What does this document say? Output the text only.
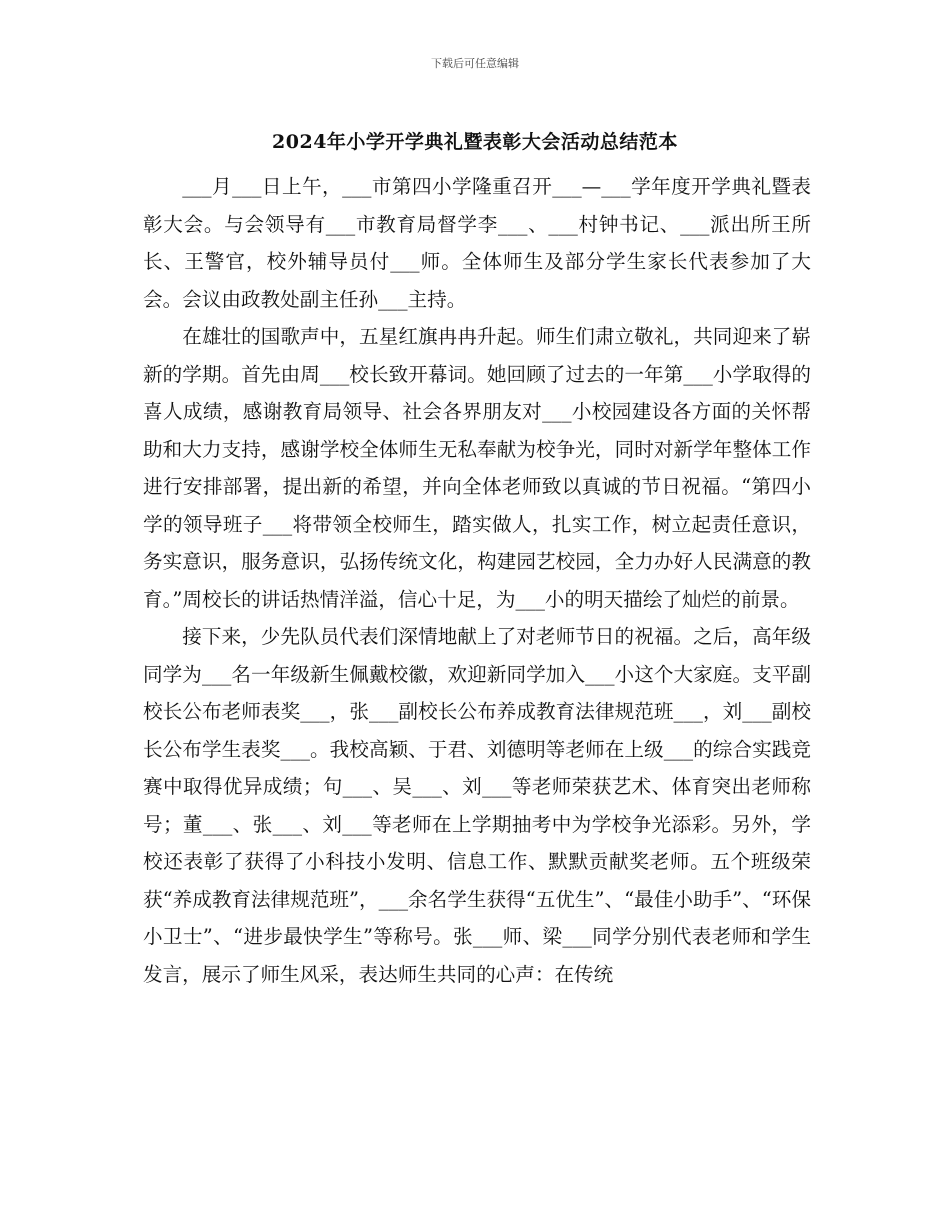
下载后可任意编辑
2024年小学开学典礼暨表彰大会活动总结范本

___月___日上午，___市第四小学隆重召开___—___学年度开学典礼暨表彰大会。与会领导有___市教育局督学李___、___村钟书记、___派出所王所长、王警官，校外辅导员付___师。全体师生及部分学生家长代表参加了大会。会议由政教处副主任孙___主持。

在雄壮的国歌声中，五星红旗冉冉升起。师生们肃立敬礼，共同迎来了崭新的学期。首先由周___校长致开幕词。她回顾了过去的一年第___小学取得的喜人成绩，感谢教育局领导、社会各界朋友对___小校园建设各方面的关怀帮助和大力支持，感谢学校全体师生无私奉献为校争光，同时对新学年整体工作进行安排部署，提出新的希望，并向全体老师致以真诚的节日祝福。“第四小学的领导班子___将带领全校师生，踏实做人，扎实工作，树立起责任意识，务实意识，服务意识，弘扬传统文化，构建园艺校园，全力办好人民满意的教育。”周校长的讲话热情洋溢，信心十足，为___小的明天描绘了灿烂的前景。

接下来，少先队员代表们深情地献上了对老师节日的祝福。之后，高年级同学为___名一年级新生佩戴校徽，欢迎新同学加入___小这个大家庭。支平副校长公布老师表奖___，张___副校长公布养成教育法律规范班___，刘___副校长公布学生表奖___。我校高颖、于君、刘德明等老师在上级___的综合实践竞赛中取得优异成绩；句___、吴___、刘___等老师荣获艺术、体育突出老师称号；董___、张___、刘___等老师在上学期抽考中为学校争光添彩。另外，学校还表彰了获得了小科技小发明、信息工作、默默贡献奖老师。五个班级荣获“养成教育法律规范班”，___余名学生获得“五优生”、“最佳小助手”、“环保小卫士”、“进步最快学生”等称号。张___师、梁___同学分别代表老师和学生发言，展示了师生风采，表达师生共同的心声：在传统
